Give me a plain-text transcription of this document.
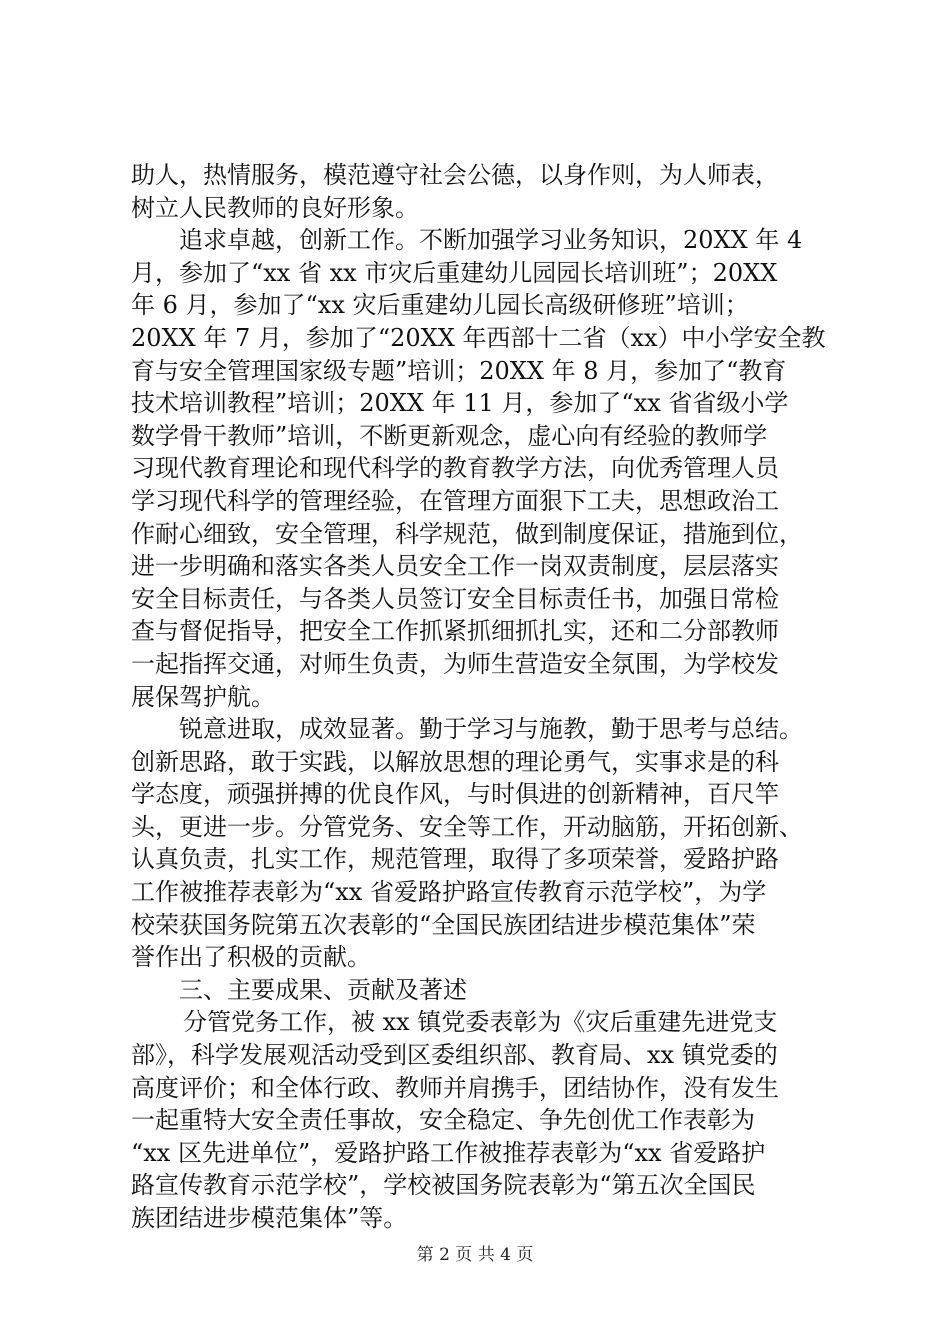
助人，热情服务，模范遵守社会公德，以身作则，为人师表，
树立人民教师的良好形象。
追求卓越，创新工作。不断加强学习业务知识，20XX 年 4
月，参加了“xx 省 xx 市灾后重建幼儿园园长培训班”；20XX
年 6 月，参加了“xx 灾后重建幼儿园长高级研修班”培训；
20XX 年 7 月，参加了“20XX 年西部十二省（xx）中小学安全教
育与安全管理国家级专题”培训；20XX 年 8 月，参加了“教育
技术培训教程”培训；20XX 年 11 月，参加了“xx 省省级小学
数学骨干教师”培训，不断更新观念，虚心向有经验的教师学
习现代教育理论和现代科学的教育教学方法，向优秀管理人员
学习现代科学的管理经验，在管理方面狠下工夫，思想政治工
作耐心细致，安全管理，科学规范，做到制度保证，措施到位，
进一步明确和落实各类人员安全工作一岗双责制度，层层落实
安全目标责任，与各类人员签订安全目标责任书，加强日常检
查与督促指导，把安全工作抓紧抓细抓扎实，还和二分部教师
一起指挥交通，对师生负责，为师生营造安全氛围，为学校发
展保驾护航。
锐意进取，成效显著。勤于学习与施教，勤于思考与总结。
创新思路，敢于实践，以解放思想的理论勇气，实事求是的科
学态度，顽强拼搏的优良作风，与时俱进的创新精神，百尺竿
头，更进一步。分管党务、安全等工作，开动脑筋，开拓创新、
认真负责，扎实工作，规范管理，取得了多项荣誉，爱路护路
工作被推荐表彰为“xx 省爱路护路宣传教育示范学校”，为学
校荣获国务院第五次表彰的“全国民族团结进步模范集体”荣
誉作出了积极的贡献。
三、主要成果、贡献及著述
分管党务工作，被 xx 镇党委表彰为《灾后重建先进党支
部》，科学发展观活动受到区委组织部、教育局、xx 镇党委的
高度评价；和全体行政、教师并肩携手，团结协作，没有发生
一起重特大安全责任事故，安全稳定、争先创优工作表彰为
“xx 区先进单位”，爱路护路工作被推荐表彰为“xx 省爱路护
路宣传教育示范学校”，学校被国务院表彰为“第五次全国民
族团结进步模范集体”等。
第 2 页 共 4 页
